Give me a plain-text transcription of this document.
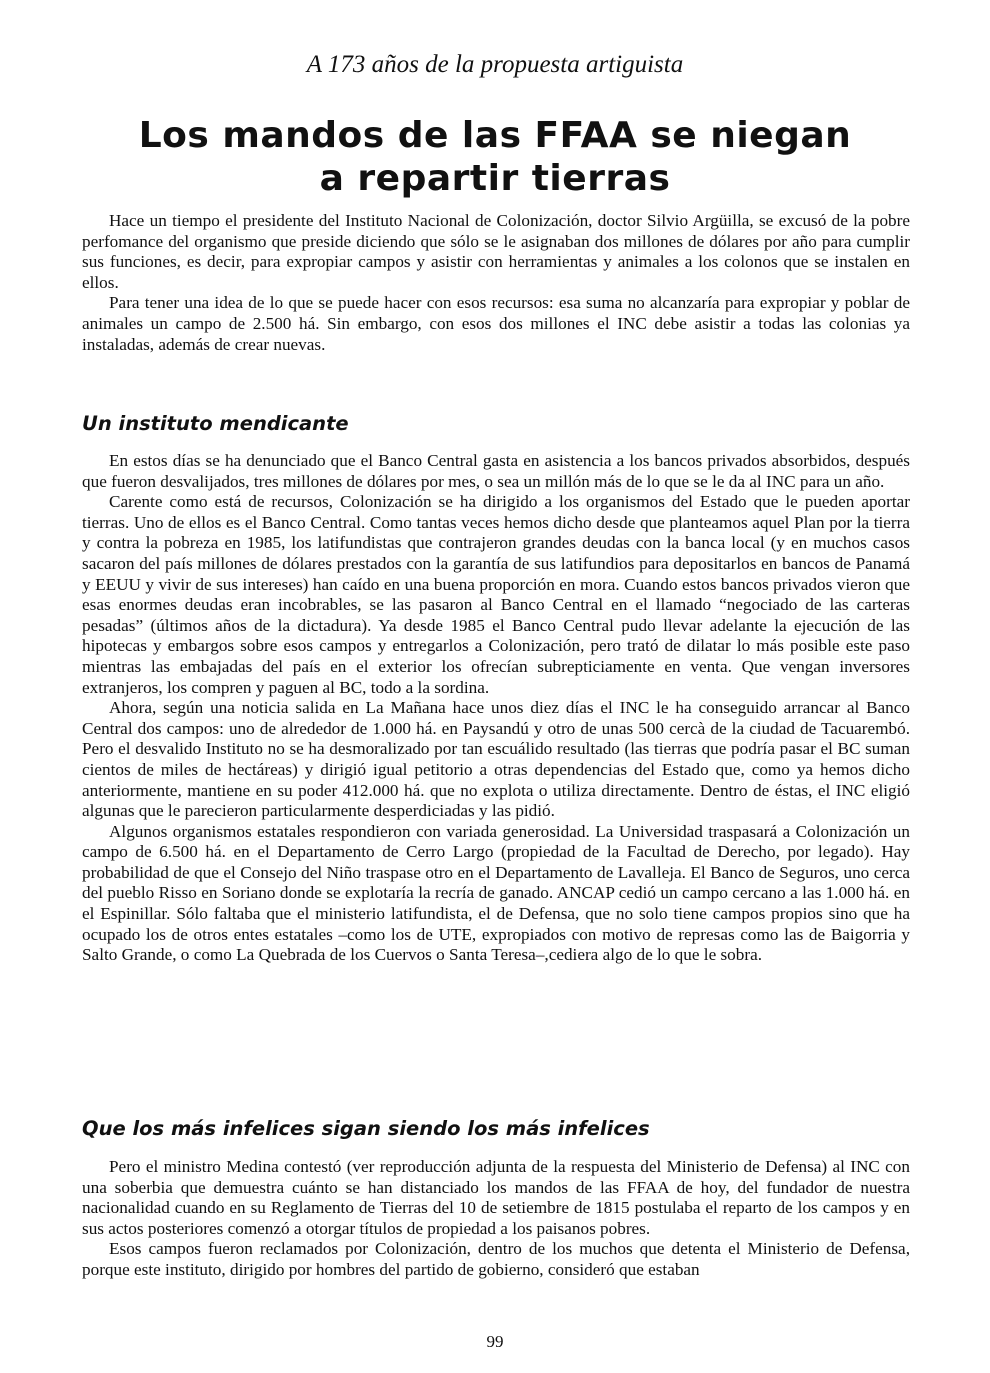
A 173 años de la propuesta artiguista
Los mandos de las FFAA se niegan
a repartir tierras

Hace un tiempo el presidente del Instituto Nacional de Colonización, doctor Silvio Argüilla, se excusó de la pobre perfomance del organismo que preside diciendo que sólo se le asignaban dos millones de dólares por año para cumplir sus funciones, es decir, para expropiar campos y asistir con herramientas y animales a los colonos que se instalen en ellos.

Para tener una idea de lo que se puede hacer con esos recursos: esa suma no alcanzaría para expropiar y poblar de animales un campo de 2.500 há. Sin embargo, con esos dos millones el INC debe asistir a todas las colonias ya instaladas, además de crear nuevas.

Un instituto mendicante

En estos días se ha denunciado que el Banco Central gasta en asistencia a los bancos privados absorbidos, después que fueron desvalijados, tres millones de dólares por mes, o sea un millón más de lo que se le da al INC para un año.

Carente como está de recursos, Colonización se ha dirigido a los organismos del Estado que le pueden aportar tierras. Uno de ellos es el Banco Central. Como tantas veces hemos dicho desde que planteamos aquel Plan por la tierra y contra la pobreza en 1985, los latifundistas que contrajeron grandes deudas con la banca local (y en muchos casos sacaron del país millones de dólares prestados con la garantía de sus latifundios para depositarlos en bancos de Panamá y EEUU y vivir de sus intereses) han caído en una buena proporción en mora. Cuando estos bancos privados vieron que esas enormes deudas eran incobrables, se las pasaron al Banco Central en el llamado “negociado de las carteras pesadas” (últimos años de la dictadura). Ya desde 1985 el Banco Central pudo llevar adelante la ejecución de las hipotecas y embargos sobre esos campos y entregarlos a Colonización, pero trató de dilatar lo más posible este paso mientras las embajadas del país en el exterior los ofrecían subrepticiamente en venta. Que vengan inversores extranjeros, los compren y paguen al BC, todo a la sordina.

Ahora, según una noticia salida en La Mañana hace unos diez días el INC le ha conseguido arrancar al Banco Central dos campos: uno de alrededor de 1.000 há. en Paysandú y otro de unas 500 cercà de la ciudad de Tacuarembó. Pero el desvalido Instituto no se ha desmoralizado por tan escuálido resultado (las tierras que podría pasar el BC suman cientos de miles de hectáreas) y dirigió igual petitorio a otras dependencias del Estado que, como ya hemos dicho anteriormente, mantiene en su poder 412.000 há. que no explota o utiliza directamente. Dentro de éstas, el INC eligió algunas que le parecieron particularmente desperdiciadas y las pidió.

Algunos organismos estatales respondieron con variada generosidad. La Universidad traspasará a Colonización un campo de 6.500 há. en el Departamento de Cerro Largo (propiedad de la Facultad de Derecho, por legado). Hay probabilidad de que el Consejo del Niño traspase otro en el Departamento de Lavalleja. El Banco de Seguros, uno cerca del pueblo Risso en Soriano donde se explotaría la recría de ganado. ANCAP cedió un campo cercano a las 1.000 há. en el Espinillar. Sólo faltaba que el ministerio latifundista, el de Defensa, que no solo tiene campos propios sino que ha ocupado los de otros entes estatales –como los de UTE, expropiados con motivo de represas como las de Baigorria y Salto Grande, o como La Quebrada de los Cuervos o Santa Teresa–,cediera algo de lo que le sobra.

Que los más infelices sigan siendo los más infelices

Pero el ministro Medina contestó (ver reproducción adjunta de la respuesta del Ministerio de Defensa) al INC con una soberbia que demuestra cuánto se han distanciado los mandos de las FFAA de hoy, del fundador de nuestra nacionalidad cuando en su Reglamento de Tierras del 10 de setiembre de 1815 postulaba el reparto de los campos y en sus actos posteriores comenzó a otorgar títulos de propiedad a los paisanos pobres.

Esos campos fueron reclamados por Colonización, dentro de los muchos que detenta el Ministerio de Defensa, porque este instituto, dirigido por hombres del partido de gobierno, consideró que estaban

99
